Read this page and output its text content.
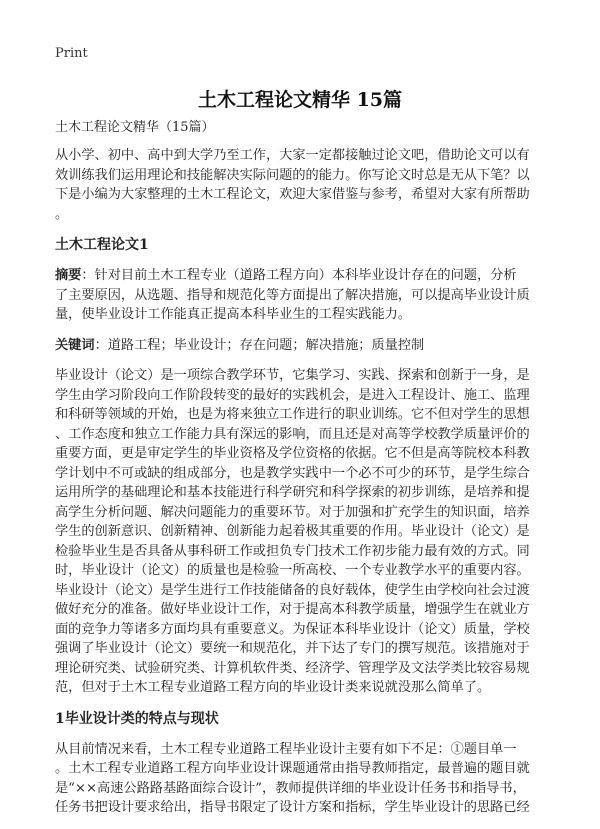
Print
土木工程论文精华 15篇
土木工程论文精华（15篇）
从小学、初中、高中到大学乃至工作，大家一定都接触过论文吧，借助论文可以有
效训练我们运用理论和技能解决实际问题的的能力。你写论文时总是无从下笔？以
下是小编为大家整理的土木工程论文，欢迎大家借鉴与参考，希望对大家有所帮助
。
土木工程论文1
摘要：针对目前土木工程专业（道路工程方向）本科毕业设计存在的问题，分析
了主要原因，从选题、指导和规范化等方面提出了解决措施，可以提高毕业设计质
量，使毕业设计工作能真正提高本科毕业生的工程实践能力。
关键词：道路工程；毕业设计；存在问题；解决措施；质量控制
毕业设计（论文）是一项综合教学环节，它集学习、实践、探索和创新于一身，是
学生由学习阶段向工作阶段转变的最好的实践机会，是进入工程设计、施工、监理
和科研等领域的开始，也是为将来独立工作进行的职业训练。它不但对学生的思想
、工作态度和独立工作能力具有深远的影响，而且还是对高等学校教学质量评价的
重要方面，更是审定学生的毕业资格及学位资格的依据。它不但是高等院校本科教
学计划中不可或缺的组成部分，也是教学实践中一个必不可少的环节，是学生综合
运用所学的基础理论和基本技能进行科学研究和科学探索的初步训练，是培养和提
高学生分析问题、解决问题能力的重要环节。对于加强和扩充学生的知识面，培养
学生的创新意识、创新精神、创新能力起着极其重要的作用。毕业设计（论文）是
检验毕业生是否具备从事科研工作或担负专门技术工作初步能力最有效的方式。同
时，毕业设计（论文）的质量也是检验一所高校、一个专业教学水平的重要内容。
毕业设计（论文）是学生进行工作技能储备的良好载体，使学生由学校向社会过渡
做好充分的准备。做好毕业设计工作，对于提高本科教学质量，增强学生在就业方
面的竞争力等诸多方面均具有重要意义。为保证本科毕业设计（论文）质量，学校
强调了毕业设计（论文）要统一和规范化，并下达了专门的撰写规范。该措施对于
理论研究类、试验研究类、计算机软件类、经济学、管理学及文法学类比较容易规
范，但对于土木工程专业道路工程方向的毕业设计类来说就没那么简单了。
1毕业设计类的特点与现状
从目前情况来看，土木工程专业道路工程毕业设计主要有如下不足：①题目单一
。土木工程专业道路工程方向毕业设计课题通常由指导教师指定，最普遍的题目就
是“××高速公路路基路面综合设计”，教师提供详细的毕业设计任务书和指导书，
任务书把设计要求给出，指导书限定了设计方案和指标，学生毕业设计的思路已经
